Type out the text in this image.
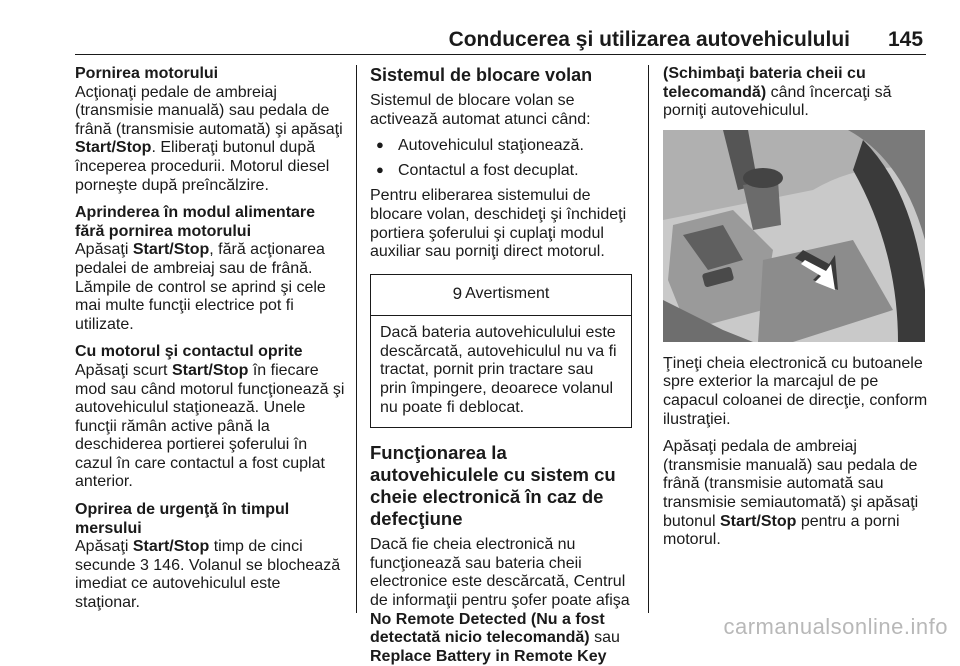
Conducerea şi utilizarea autovehiculului 145
Pornirea motorului
Acţionaţi pedale de ambreiaj (transmisie manuală) sau pedala de frână (transmisie automată) şi apăsaţi Start/Stop. Eliberaţi butonul după începerea procedurii. Motorul diesel porneşte după preîncălzire.
Aprinderea în modul alimentare fără pornirea motorului
Apăsaţi Start/Stop, fără acţionarea pedalei de ambreiaj sau de frână. Lămpile de control se aprind şi cele mai multe funcţii electrice pot fi utilizate.
Cu motorul şi contactul oprite
Apăsaţi scurt Start/Stop în fiecare mod sau când motorul funcţionează şi autovehiculul staţionează. Unele funcţii rămân active până la deschiderea portierei şoferului în cazul în care contactul a fost cuplat anterior.
Oprirea de urgenţă în timpul mersului
Apăsaţi Start/Stop timp de cinci secunde 3 146. Volanul se blochează imediat ce autovehiculul este staţionar.
Sistemul de blocare volan
Sistemul de blocare volan se activează automat atunci când:
● Autovehiculul staţionează.
● Contactul a fost decuplat.
Pentru eliberarea sistemului de blocare volan, deschideţi şi închideţi portiera şoferului şi cuplaţi modul auxiliar sau porniţi direct motorul.
9 Avertisment
Dacă bateria autovehiculului este descărcată, autovehiculul nu va fi tractat, pornit prin tractare sau prin împingere, deoarece volanul nu poate fi deblocat.
Funcţionarea la autovehiculele cu sistem cu cheie electronică în caz de defecţiune
Dacă fie cheia electronică nu funcţionează sau bateria cheii electronice este descărcată, Centrul de informaţii pentru şofer poate afişa No Remote Detected (Nu a fost detectată nicio telecomandă) sau Replace Battery in Remote Key
(Schimbaţi bateria cheii cu telecomandă) când încercaţi să porniţi autovehiculul.
Ţineţi cheia electronică cu butoanele spre exterior la marcajul de pe capacul coloanei de direcţie, conform ilustraţiei.
Apăsaţi pedala de ambreiaj (transmisie manuală) sau pedala de frână (transmisie automată sau transmisie semiautomată) şi apăsaţi butonul Start/Stop pentru a porni motorul.
carmanualsonline.info
